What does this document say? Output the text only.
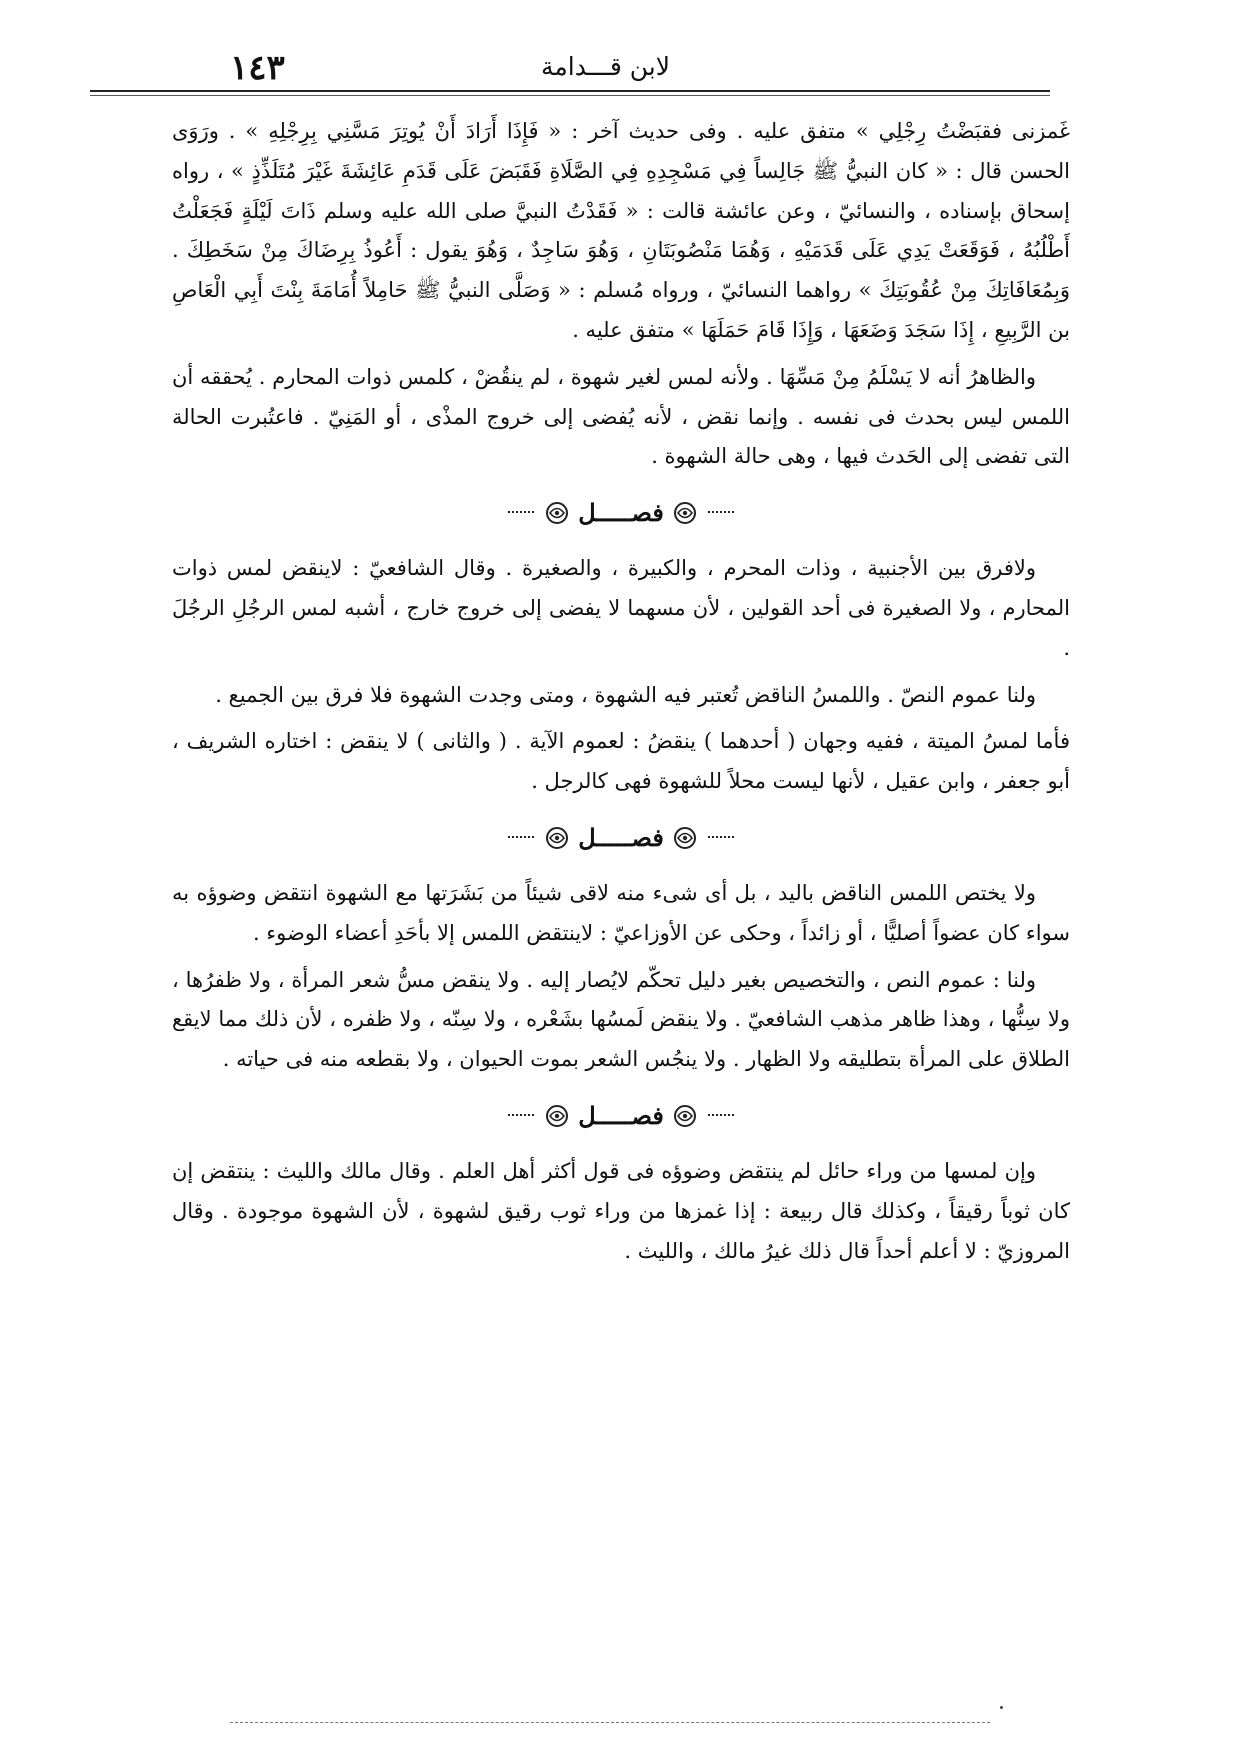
لابن قـــدامة
١٤٣

غَمزنى فقبَضْتُ رِجْلِي » متفق عليه . وفى حديث آخر : « فَإِذَا أَرَادَ أَنْ يُوتِرَ مَسَّنِي بِرِجْلِهِ » . ورَوَى الحسن قال : « كان النبيُّ ﷺ جَالِساً فِي مَسْجِدِهِ فِي الصَّلَاةِ فَقَبَضَ عَلَى قَدَمِ عَائِشَةَ غَيْرَ مُتَلَذِّذٍ » ، رواه إسحاق بإسناده ، والنسائيّ ، وعن عائشة قالت : « فَقَدْتُ النبيَّ صلى الله عليه وسلم ذَاتَ لَيْلَةٍ فَجَعَلْتُ أَطْلُبُهُ ، فَوَقَعَتْ يَدِي عَلَى قَدَمَيْهِ ، وَهُمَا مَنْصُوبَتَانِ ، وَهُوَ سَاجِدٌ ، وَهُوَ يقول : أَعُوذُ بِرِضَاكَ مِنْ سَخَطِكَ . وَبِمُعَافَاتِكَ مِنْ عُقُوبَتِكَ » رواهما النسائيّ ، ورواه مُسلم : « وَصَلَّى النبيُّ ﷺ حَامِلاً أُمَامَةَ بِنْتَ أَبِي الْعَاصِ بن الرَّبِيعِ ، إِذَا سَجَدَ وَضَعَهَا ، وَإِذَا قَامَ حَمَلَهَا » متفق عليه .

والظاهرُ أنه لا يَسْلَمُ مِنْ مَسِّهَا . ولأنه لمس لغير شهوة ، لم ينقُضْ ، كلمس ذوات المحارم . يُحققه أن اللمس ليس بحدث فى نفسه . وإنما نقض ، لأنه يُفضى إلى خروج المذْى ، أو المَنِيّ . فاعتُبرت الحالة التى تفضى إلى الحَدث فيها ، وهى حالة الشهوة .

فصـــــل

ولافرق بين الأجنبية ، وذات المحرم ، والكبيرة ، والصغيرة . وقال الشافعيّ : لاينقض لمس ذوات المحارم ، ولا الصغيرة فى أحد القولين ، لأن مسهما لا يفضى إلى خروج خارج ، أشبه لمس الرجُلِ الرجُلَ .

ولنا عموم النصّ . واللمسُ الناقض تُعتبر فيه الشهوة ، ومتى وجدت الشهوة فلا فرق بين الجميع .

فأما لمسُ الميتة ، ففيه وجهان ( أحدهما ) ينقضُ : لعموم الآية . ( والثانى ) لا ينقض : اختاره الشريف ، أبو جعفر ، وابن عقيل ، لأنها ليست محلاً للشهوة فهى كالرجل .

فصـــــل

ولا يختص اللمس الناقض باليد ، بل أى شىء منه لاقى شيئاً من بَشَرَتها مع الشهوة انتقض وضوؤه به سواء كان عضواً أصليًّا ، أو زائداً ، وحكى عن الأوزاعيّ : لاينتقض اللمس إلا بأحَدِ أعضاء الوضوء .

ولنا : عموم النص ، والتخصيص بغير دليل تحكّم لايُصار إليه . ولا ينقض مسُّ شعر المرأة ، ولا ظفرُها ، ولا سِنُّها ، وهذا ظاهر مذهب الشافعيّ . ولا ينقض لَمسُها بشَعْره ، ولا سِنّه ، ولا ظفره ، لأن ذلك مما لايقع الطلاق على المرأة بتطليقه ولا الظهار . ولا ينجُس الشعر بموت الحيوان ، ولا بقطعه منه فى حياته .

فصـــــل

وإن لمسها من وراء حائل لم ينتقض وضوؤه فى قول أكثر أهل العلم . وقال مالك والليث : ينتقض إن كان ثوباً رقيقاً ، وكذلك قال ربيعة : إذا غمزها من وراء ثوب رقيق لشهوة ، لأن الشهوة موجودة . وقال المروزيّ : لا أعلم أحداً قال ذلك غيرُ مالك ، والليث .
